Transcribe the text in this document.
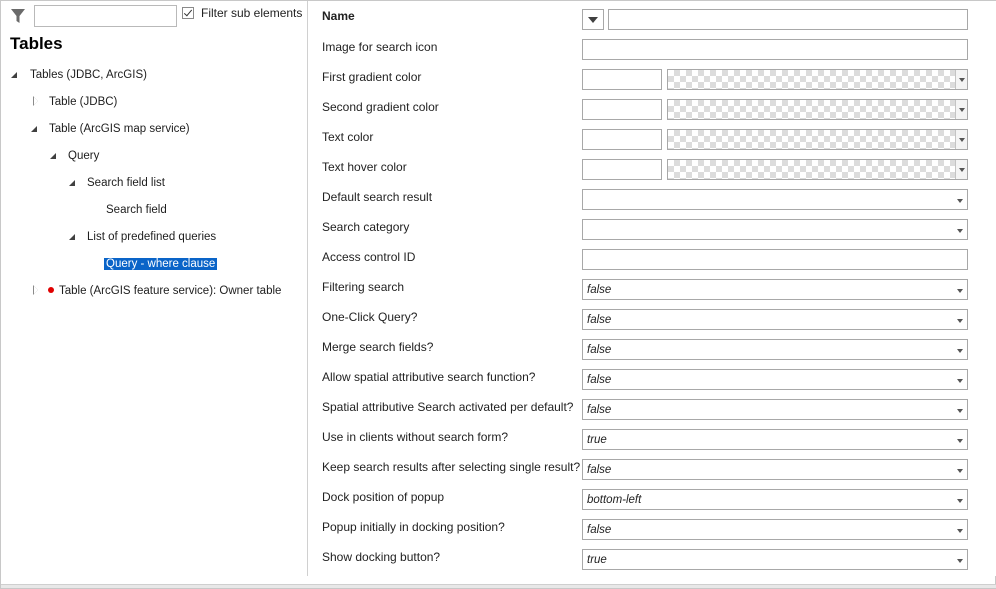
Filter sub elements
Tables
Tables (JDBC, ArcGIS)
Table (JDBC)
Table (ArcGIS map service)
Query
Search field list
Search field
List of predefined queries
Query - where clause
Table (ArcGIS feature service): Owner table
Name
Image for search icon
First gradient color
Second gradient color
Text color
Text hover color
Default search result
Search category
Access control ID
Filtering search	false
One-Click Query?	false
Merge search fields?	false
Allow spatial attributive search function?	false
Spatial attributive Search activated per default? false
Use in clients without search form?	true
Keep search results after selecting single result? false
Dock position of popup	bottom-left
Popup initially in docking position?	false
Show docking button?	true
